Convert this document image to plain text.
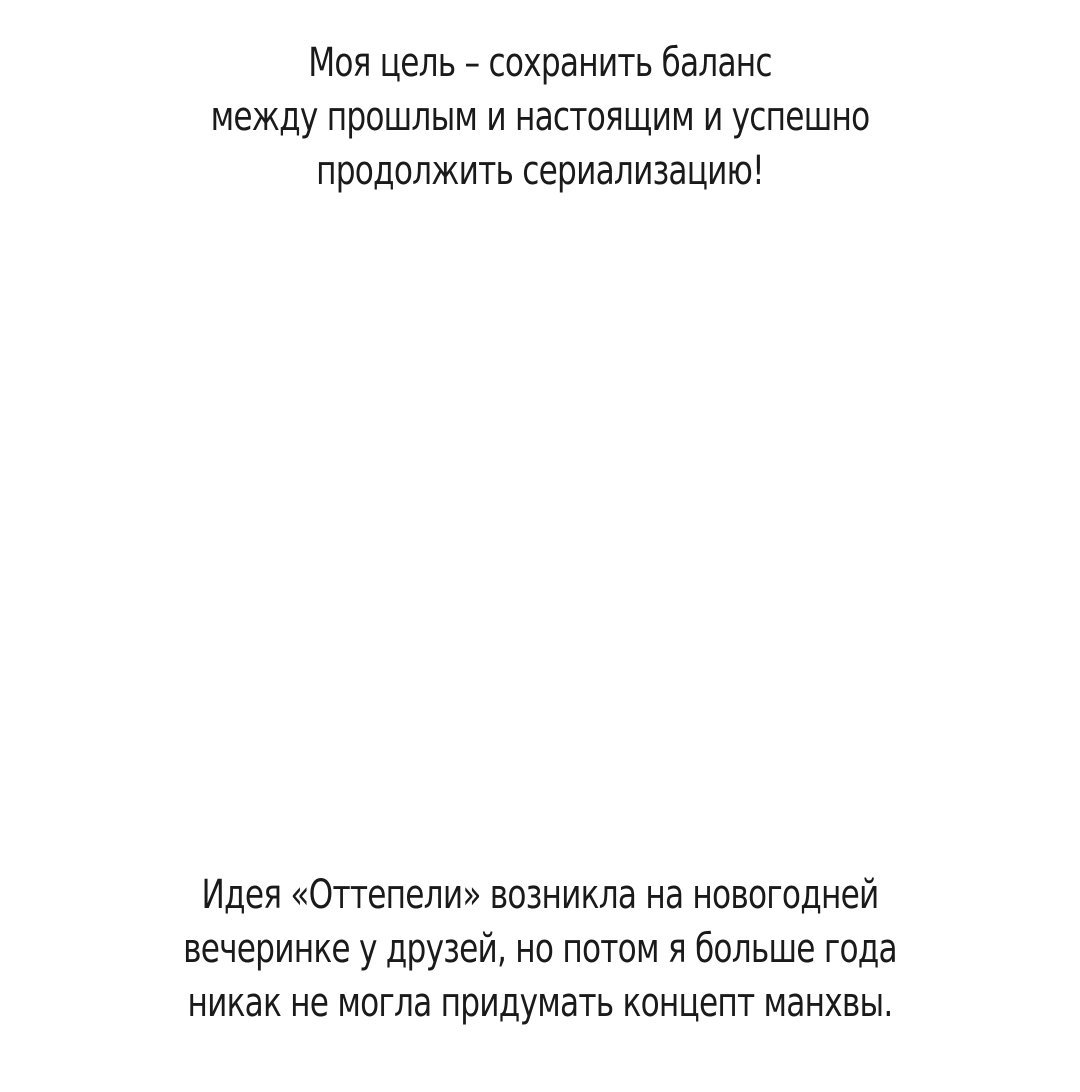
Моя цель – сохранить баланс
между прошлым и настоящим и успешно
продолжить сериализацию!
Идея «Оттепели» возникла на новогодней
вечеринке у друзей, но потом я больше года
никак не могла придумать концепт манхвы.
